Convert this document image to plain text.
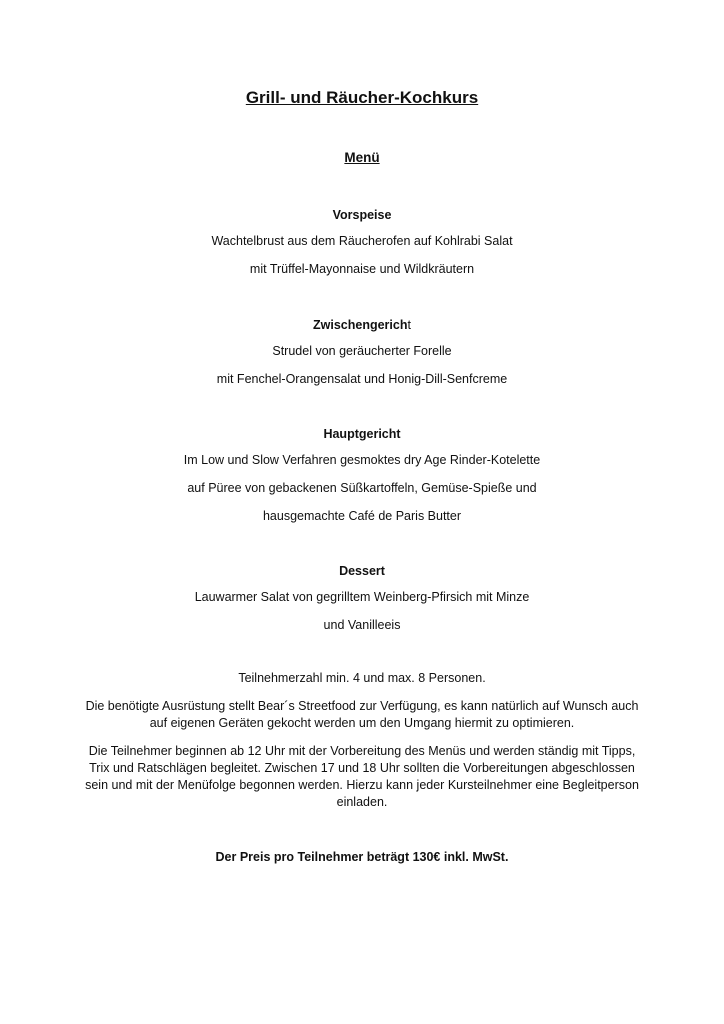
Grill- und Räucher-Kochkurs
Menü

Vorspeise

Wachtelbrust aus dem Räucherofen auf Kohlrabi Salat

mit Trüffel-Mayonnaise und Wildkräutern

Zwischengericht

Strudel von geräucherter Forelle

mit Fenchel-Orangensalat und Honig-Dill-Senfcreme

Hauptgericht

Im Low und Slow Verfahren gesmoktes dry Age Rinder-Kotelette

auf Püree von gebackenen Süßkartoffeln, Gemüse-Spieße und

hausgemachte Café de Paris Butter

Dessert

Lauwarmer Salat von gegrilltem Weinberg-Pfirsich mit Minze

und Vanilleeis

Teilnehmerzahl min. 4 und max. 8 Personen.

Die benötigte Ausrüstung stellt Bear´s Streetfood zur Verfügung, es kann natürlich auf Wunsch auch auf eigenen Geräten gekocht werden um den Umgang hiermit zu optimieren.

Die Teilnehmer beginnen ab 12 Uhr mit der Vorbereitung des Menüs und werden ständig mit Tipps, Trix und Ratschlägen begleitet. Zwischen 17 und 18 Uhr sollten die Vorbereitungen abgeschlossen sein und mit der Menüfolge begonnen werden. Hierzu kann jeder Kursteilnehmer eine Begleitperson einladen.

Der Preis pro Teilnehmer beträgt 130€ inkl. MwSt.
